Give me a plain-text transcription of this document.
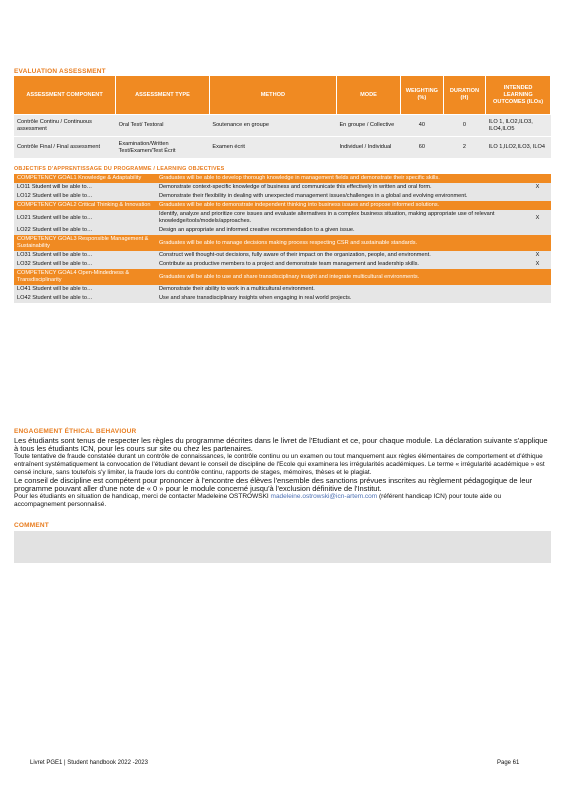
EVALUATION ASSESSMENT
ASSESSMENT COMPONENT	ASSESSMENT TYPE	METHOD	MODE	WEIGHTING (%)	DURATION (H)	INTENDED LEARNING OUTCOMES (ILOs)
Contrôle Continu / Continuous assessment	Oral Test/ Testoral	Soutenance en groupe	En groupe / Collective	40	0	ILO 1, ILO2,ILO3, ILO4,ILO5
Contrôle Final / Final assessment	Examination/Written Test/Examen/Test Écrit	Examen écrit	Individuel / Individual	60	2	ILO 1,ILO2,ILO3, ILO4
OBJECTIFS D'APPRENTISSAGE DU PROGRAMME / LEARNING OBJECTIVES
COMPETENCY GOAL1 Knowledge & Adaptability	Graduates will be able to develop thorough knowledge in management fields and demonstrate their specific skills.	
LO11 Student will be able to…	Demonstrate context-specific knowledge of business and communicate this effectively in written and oral form.	X
LO12 Student will be able to…	Demonstrate their flexibility in dealing with unexpected management issues/challenges in a global and evolving environment.	
COMPETENCY GOAL2 Critical Thinking & Innovation	Graduates will be able to demonstrate independent thinking into business issues and propose informed solutions.	
LO21 Student will be able to…	Identify, analyze and prioritize core issues and evaluate alternatives in a complex business situation, making appropriate use of relevant knowledge/tools/models/approaches.	X
LO22 Student will be able to…	Design an appropriate and informed creative recommendation to a given issue.	
COMPETENCY GOAL3 Responsible Management & Sustainability	Graduates will be able to manage decisions making process respecting CSR and sustainable standards.	
LO31 Student will be able to…	Construct well thought-out decisions, fully aware of their impact on the organization, people, and environment.	X
LO32 Student will be able to…	Contribute as productive members to a project and demonstrate team management and leadership skills.	X
COMPETENCY GOAL4 Open-Mindedness & Transdisciplinarity	Graduates will be able to use and share transdisciplinary insight and integrate multicultural environments.	
LO41 Student will be able to…	Demonstrate their ability to work in a multicultural environment.	
LO42 Student will be able to…	Use and share transdisciplinary insights when engaging in real world projects.	
ENGAGEMENT ÉTHICAL BEHAVIOUR
Les étudiants sont tenus de respecter les règles du programme décrites dans le livret de l'Etudiant et ce, pour chaque module. La déclaration suivante s'applique à tous les étudiants ICN, pour les cours sur site ou chez les partenaires.
Toute tentative de fraude constatée durant un contrôle de connaissances, le contrôle continu ou un examen ou tout manquement aux règles élémentaires de comportement et d'éthique entraînent systématiquement la convocation de l'étudiant devant le conseil de discipline de l'Ecole qui examinera les irrégularités académiques. Le terme « irrégularité académique » est censé inclure, sans toutefois s'y limiter, la fraude lors du contrôle continu, rapports de stages, mémoires, thèses et le plagiat.
Le conseil de discipline est compétent pour prononcer à l'encontre des élèves l'ensemble des sanctions prévues inscrites au règlement pédagogique de leur programme pouvant aller d'une note de « 0 » pour le module concerné jusqu'à l'exclusion définitive de l'Institut.
Pour les étudiants en situation de handicap, merci de contacter Madeleine OSTROWSKI madeleine.ostrowski@icn-artem.com (référent handicap ICN) pour toute aide ou accompagnement personnalisé.
COMMENT
Livret PGE1 | Student handbook 2022 -2023	Page 61
